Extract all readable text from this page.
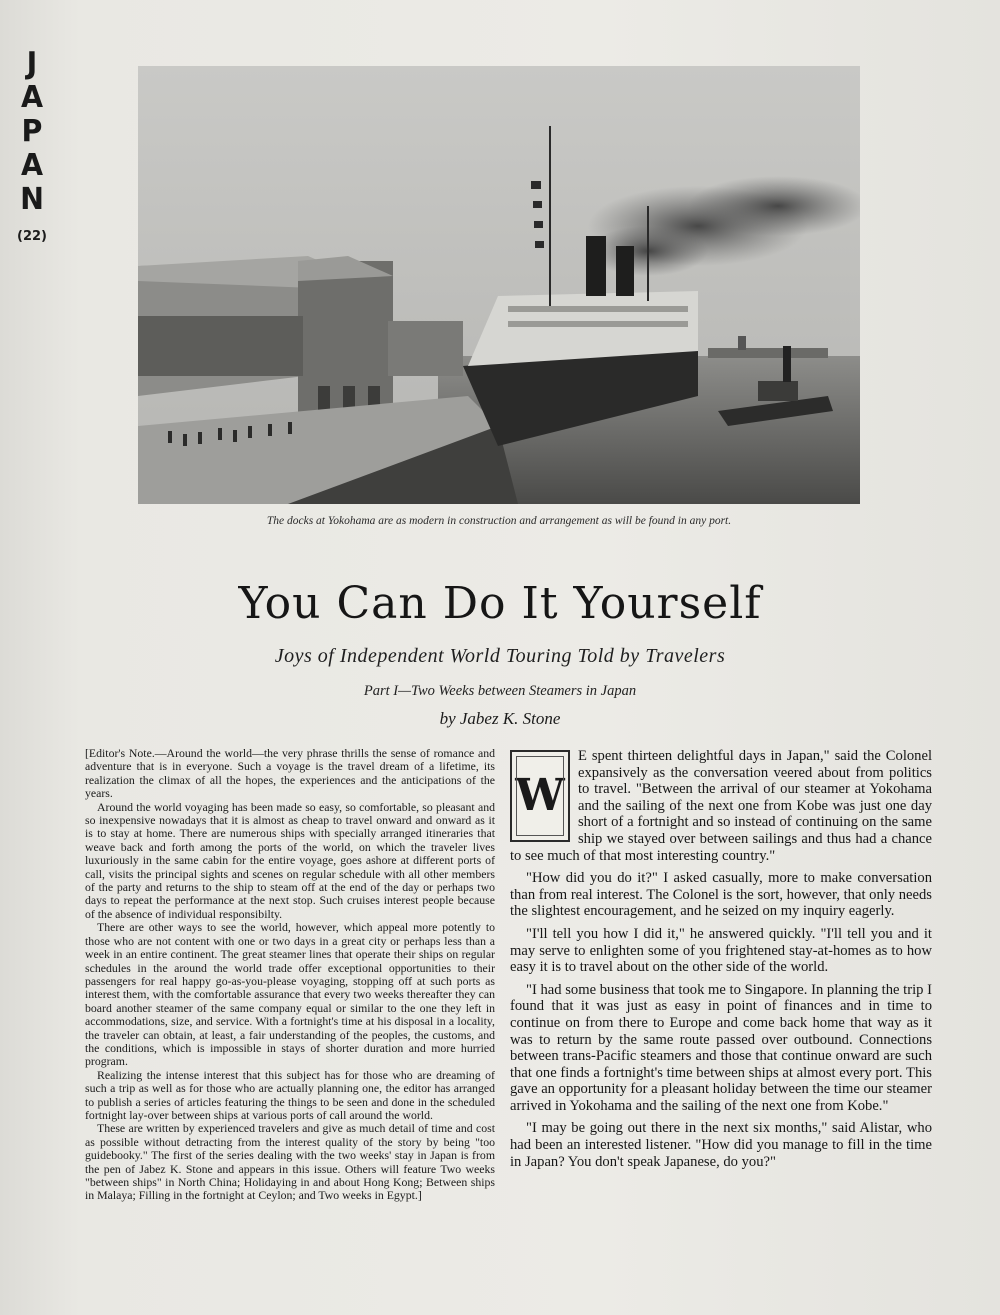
J
A
P
A
N
(22)
The docks at Yokohama are as modern in construction and arrangement as will be found in any port.
You Can Do It Yourself
Joys of Independent World Touring Told by Travelers
Part I—Two Weeks between Steamers in Japan
by Jabez K. Stone

[Editor's Note.—Around the world—the very phrase thrills the sense of romance and adventure that is in everyone. Such a voyage is the travel dream of a lifetime, its realization the climax of all the hopes, the experiences and the anticipations of the years.

Around the world voyaging has been made so easy, so comfortable, so pleasant and so inexpensive nowadays that it is almost as cheap to travel onward and onward as it is to stay at home. There are numerous ships with specially arranged itineraries that weave back and forth among the ports of the world, on which the traveler lives luxuriously in the same cabin for the entire voyage, goes ashore at different ports of call, visits the principal sights and scenes on regular schedule with all other members of the party and returns to the ship to steam off at the end of the day or perhaps two days to repeat the performance at the next stop. Such cruises interest people because of the absence of individual responsibilty.

There are other ways to see the world, however, which appeal more potently to those who are not content with one or two days in a great city or perhaps less than a week in an entire continent. The great steamer lines that operate their ships on regular schedules in the around the world trade offer exceptional opportunities to their passengers for real happy go-as-you-please voyaging, stopping off at such ports as interest them, with the comfortable assurance that every two weeks thereafter they can board another steamer of the same company equal or similar to the one they left in accommodations, size, and service. With a fortnight's time at his disposal in a locality, the traveler can obtain, at least, a fair understanding of the peoples, the customs, and the conditions, which is impossible in stays of shorter duration and more hurried program.

Realizing the intense interest that this subject has for those who are dreaming of such a trip as well as for those who are actually planning one, the editor has arranged to publish a series of articles featuring the things to be seen and done in the scheduled fortnight lay-over between ships at various ports of call around the world.

These are written by experienced travelers and give as much detail of time and cost as possible without detracting from the interest quality of the story by being "too guidebooky." The first of the series dealing with the two weeks' stay in Japan is from the pen of Jabez K. Stone and appears in this issue. Others will feature Two weeks "between ships" in North China; Holidaying in and about Hong Kong; Between ships in Malaya; Filling in the fortnight at Ceylon; and Two weeks in Egypt.]

W

E spent thirteen delightful days in Japan," said the Colonel expansively as the conversation veered about from politics to travel. "Between the arrival of our steamer at Yokohama and the sailing of the next one from Kobe was just one day short of a fortnight and so instead of continuing on the same ship we stayed over between sailings and thus had a chance to see much of that most interesting country."

"How did you do it?" I asked casually, more to make conversation than from real interest. The Colonel is the sort, however, that only needs the slightest encouragement, and he seized on my inquiry eagerly.

"I'll tell you how I did it," he answered quickly. "I'll tell you and it may serve to enlighten some of you frightened stay-at-homes as to how easy it is to travel about on the other side of the world.

"I had some business that took me to Singapore. In planning the trip I found that it was just as easy in point of finances and in time to continue on from there to Europe and come back home that way as it was to return by the same route passed over outbound. Connections between trans-Pacific steamers and those that continue onward are such that one finds a fortnight's time between ships at almost every port. This gave an opportunity for a pleasant holiday between the time our steamer arrived in Yokohama and the sailing of the next one from Kobe."

"I may be going out there in the next six months," said Alistar, who had been an interested listener. "How did you manage to fill in the time in Japan? You don't speak Japanese, do you?"
